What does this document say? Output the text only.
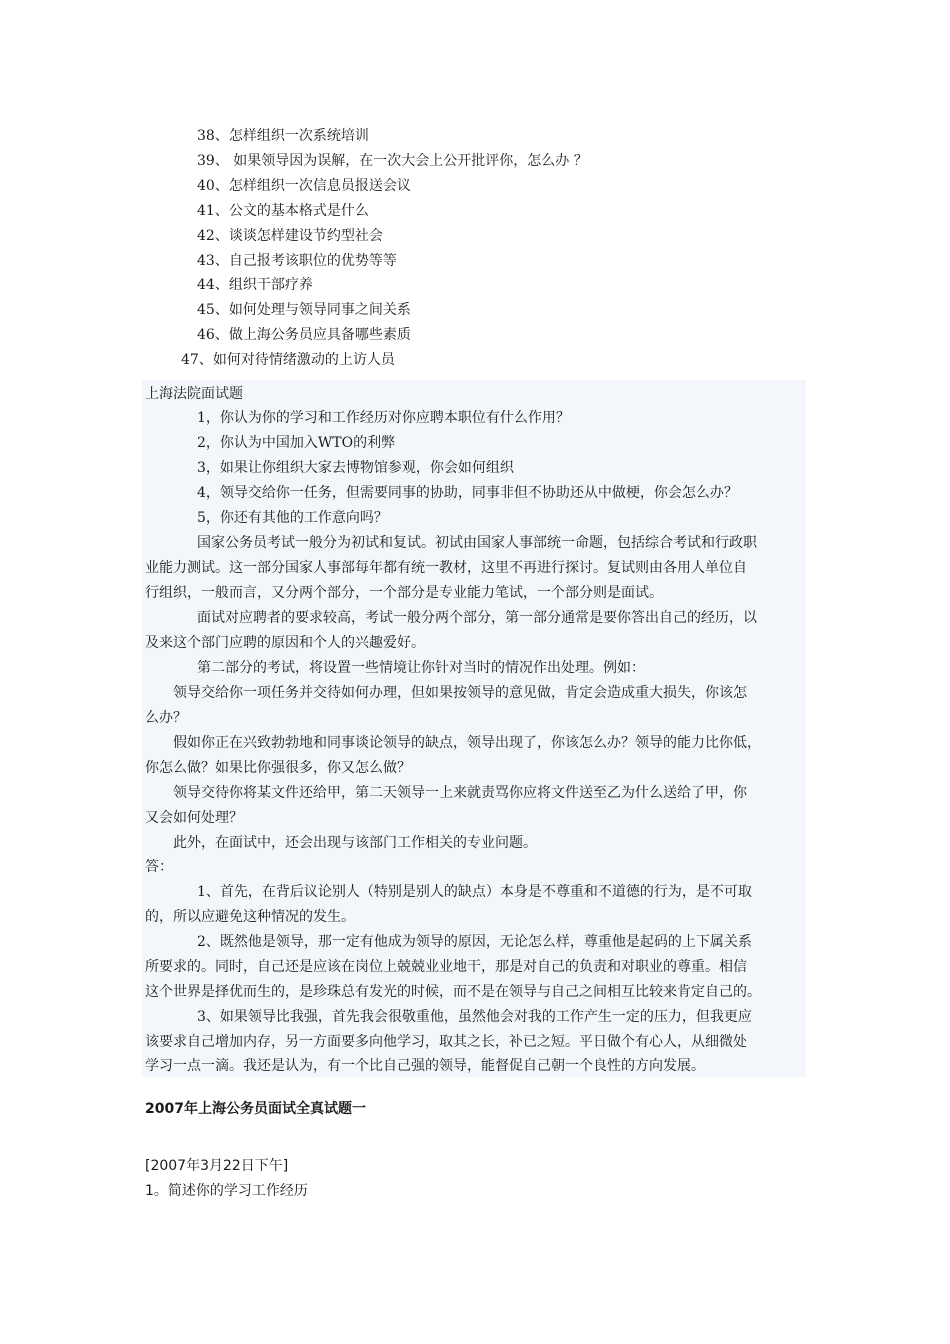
38、怎样组织一次系统培训
39、 如果领导因为误解，在一次大会上公开批评你，怎么办 ？
40、怎样组织一次信息员报送会议
41、公文的基本格式是什么
42、谈谈怎样建设节约型社会
43、自己报考该职位的优势等等
44、组织干部疗养
45、如何处理与领导同事之间关系
46、做上海公务员应具备哪些素质
47、如何对待情绪激动的上访人员
上海法院面试题
1，你认为你的学习和工作经历对你应聘本职位有什么作用？
2，你认为中国加入WTO的利弊
3，如果让你组织大家去博物馆参观，你会如何组织
4，领导交给你一任务，但需要同事的协助，同事非但不协助还从中做梗，你会怎么办？
5，你还有其他的工作意向吗？
国家公务员考试一般分为初试和复试。初试由国家人事部统一命题，包括综合考试和行政职
业能力测试。这一部分国家人事部每年都有统一教材，这里不再进行探讨。复试则由各用人单位自
行组织，一般而言，又分两个部分，一个部分是专业能力笔试，一个部分则是面试。
面试对应聘者的要求较高，考试一般分两个部分，第一部分通常是要你答出自己的经历，以
及来这个部门应聘的原因和个人的兴趣爱好。
第二部分的考试，将设置一些情境让你针对当时的情况作出处理。例如：
领导交给你一项任务并交待如何办理，但如果按领导的意见做，肯定会造成重大损失，你该怎
么办？
假如你正在兴致勃勃地和同事谈论领导的缺点，领导出现了，你该怎么办？领导的能力比你低，
你怎么做？如果比你强很多，你又怎么做？
领导交待你将某文件还给甲，第二天领导一上来就责骂你应将文件送至乙为什么送给了甲，你
又会如何处理？
此外，在面试中，还会出现与该部门工作相关的专业问题。
答：
1、首先，在背后议论别人（特别是别人的缺点）本身是不尊重和不道德的行为，是不可取
的，所以应避免这种情况的发生。
2、既然他是领导，那一定有他成为领导的原因，无论怎么样，尊重他是起码的上下属关系
所要求的。同时，自己还是应该在岗位上兢兢业业地干，那是对自己的负责和对职业的尊重。相信
这个世界是择优而生的，是珍珠总有发光的时候，而不是在领导与自己之间相互比较来肯定自己的。
3、如果领导比我强，首先我会很敬重他，虽然他会对我的工作产生一定的压力，但我更应
该要求自己增加内存，另一方面要多向他学习，取其之长，补已之短。平日做个有心人，从细微处
学习一点一滴。我还是认为，有一个比自己强的领导，能督促自己朝一个良性的方向发展。
2007年上海公务员面试全真试题一
[2007年3月22日下午]
1。简述你的学习工作经历
